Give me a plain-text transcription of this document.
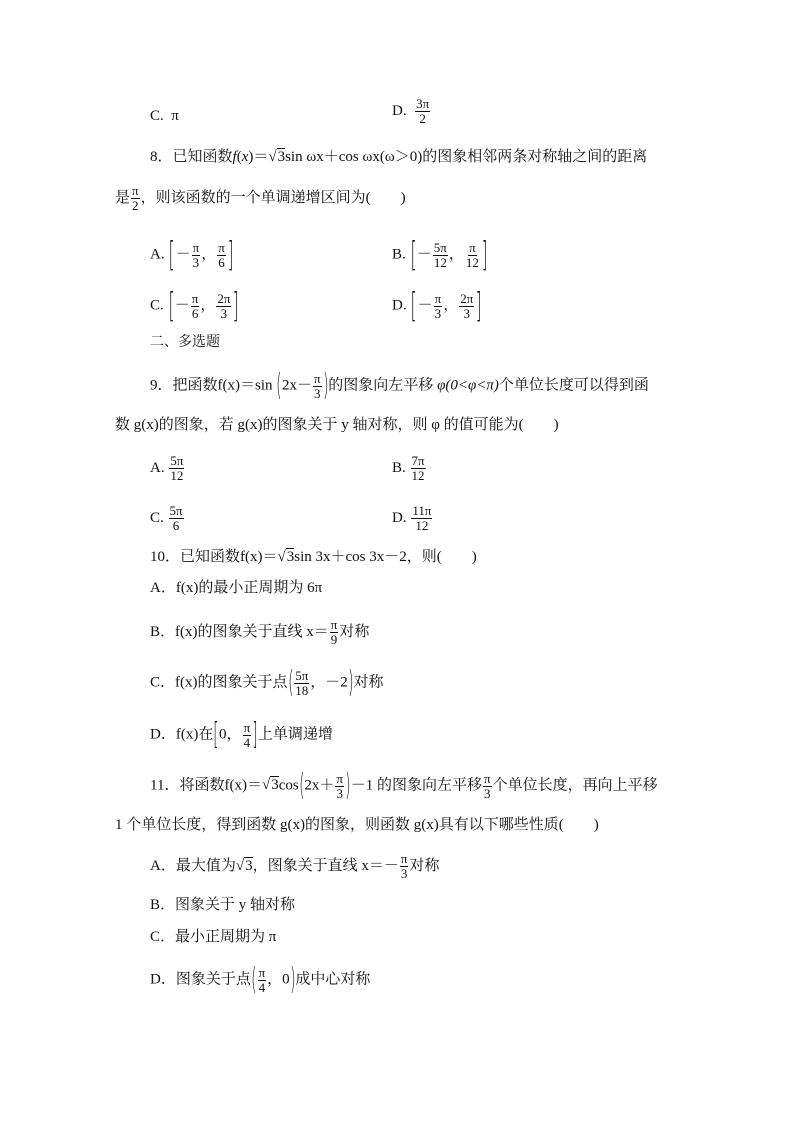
C. π	D. $\frac{3\pi}{2}$
8．已知函数f(x)＝√3sin ωx＋cos ωx(ω＞0)的图象相邻两条对称轴之间的距离
是 $\frac{\pi}{2}$ ，则该函数的一个单调递增区间为(　　)
A. [－ $\frac{\pi}{3}$ ， $\frac{\pi}{6}$ ]	B. [－ $\frac{5\pi}{12}$ ， $\frac{\pi}{12}$ ]
C. [－ $\frac{\pi}{6}$ ， $\frac{2\pi}{3}$ ]	D. [－ $\frac{\pi}{3}$ ， $\frac{2\pi}{3}$ ]
二、多选题
9．把函数f(x)＝sin ($2x- \frac{\pi}{3}$ )的图象向左平移 φ(0<φ<π)个单位长度可以得到函
数 g(x)的图象，若 g(x)的图象关于 y 轴对称，则 φ 的值可能为(　　)
A. $\frac{5\pi}{12}$	B. $\frac{7\pi}{12}$
C. $\frac{5\pi}{6}$	D. $\frac{11\pi}{12}$
10．已知函数f(x)＝√3sin 3x＋cos 3x－2，则(　　)
A．f(x)的最小正周期为 6π
B．f(x)的图象关于直线 $x= \frac{\pi}{9}$ 对称
C．f(x)的图象关于点( $\frac{5\pi}{18}$ ，－2)对称
D．f(x)在[0， $\frac{\pi}{4}$ ]上单调递增
11．将函数$f(x)=√3\cos(2x+ \frac{\pi}{3} )-1$ 的图象向左平移 $\frac{\pi}{3}$ 个单位长度，再向上平移
1 个单位长度，得到函数 g(x)的图象，则函数 g(x)具有以下哪些性质(　　)
A．最大值为√3，图象关于直线 $x=- \frac{\pi}{3}$ 对称
B．图象关于 y 轴对称
C．最小正周期为 π
D．图象关于点( $\frac{\pi}{4}$ ，0)成中心对称
